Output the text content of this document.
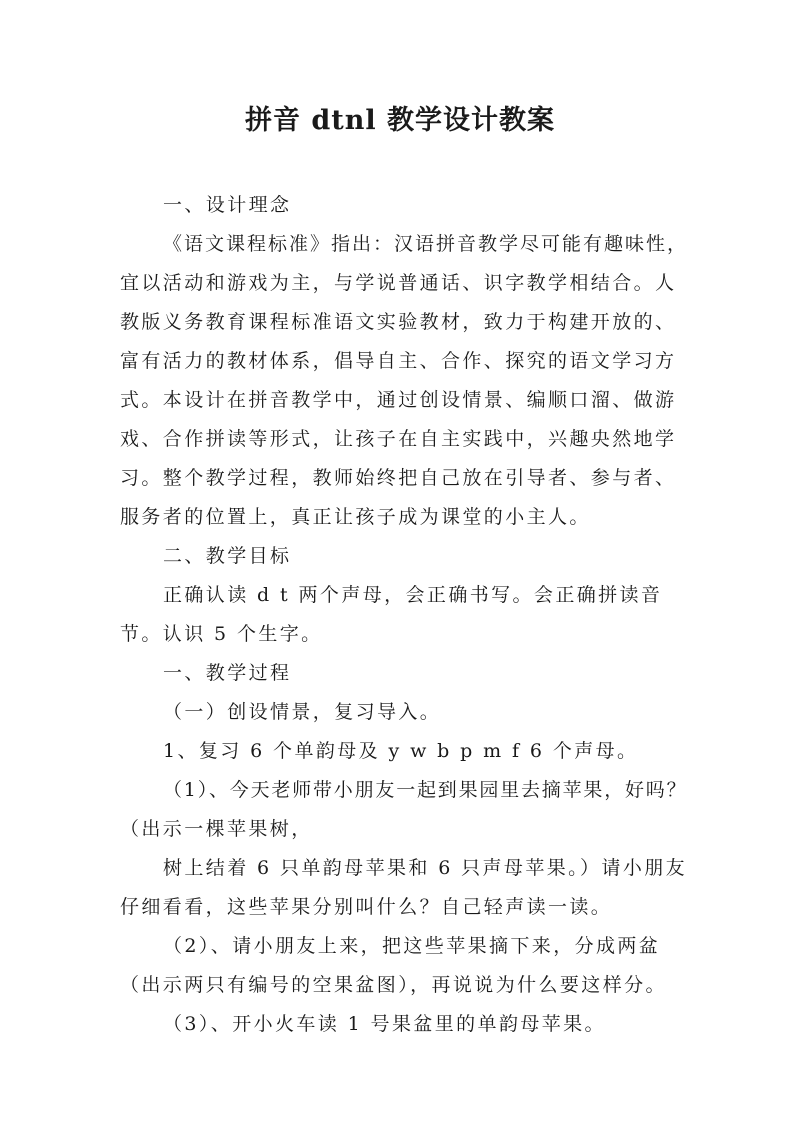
拼音 dtnl 教学设计教案
一、设计理念
《语文课程标准》指出：汉语拼音教学尽可能有趣味性，
宜以活动和游戏为主，与学说普通话、识字教学相结合。人
教版义务教育课程标准语文实验教材，致力于构建开放的、
富有活力的教材体系，倡导自主、合作、探究的语文学习方
式。本设计在拼音教学中，通过创设情景、编顺口溜、做游
戏、合作拼读等形式，让孩子在自主实践中，兴趣央然地学
习。整个教学过程，教师始终把自己放在引导者、参与者、
服务者的位置上，真正让孩子成为课堂的小主人。
二、教学目标
正确认读 d t 两个声母，会正确书写。会正确拼读音
节。认识 5 个生字。
一、教学过程
（一）创设情景，复习导入。
1、复习 6 个单韵母及 y w b p m f 6 个声母。
（1）、今天老师带小朋友一起到果园里去摘苹果，好吗？
（出示一棵苹果树，
树上结着 6 只单韵母苹果和 6 只声母苹果。）请小朋友
仔细看看，这些苹果分别叫什么？自己轻声读一读。
（2）、请小朋友上来，把这些苹果摘下来，分成两盆
（出示两只有编号的空果盆图），再说说为什么要这样分。
（3）、开小火车读 1 号果盆里的单韵母苹果。
